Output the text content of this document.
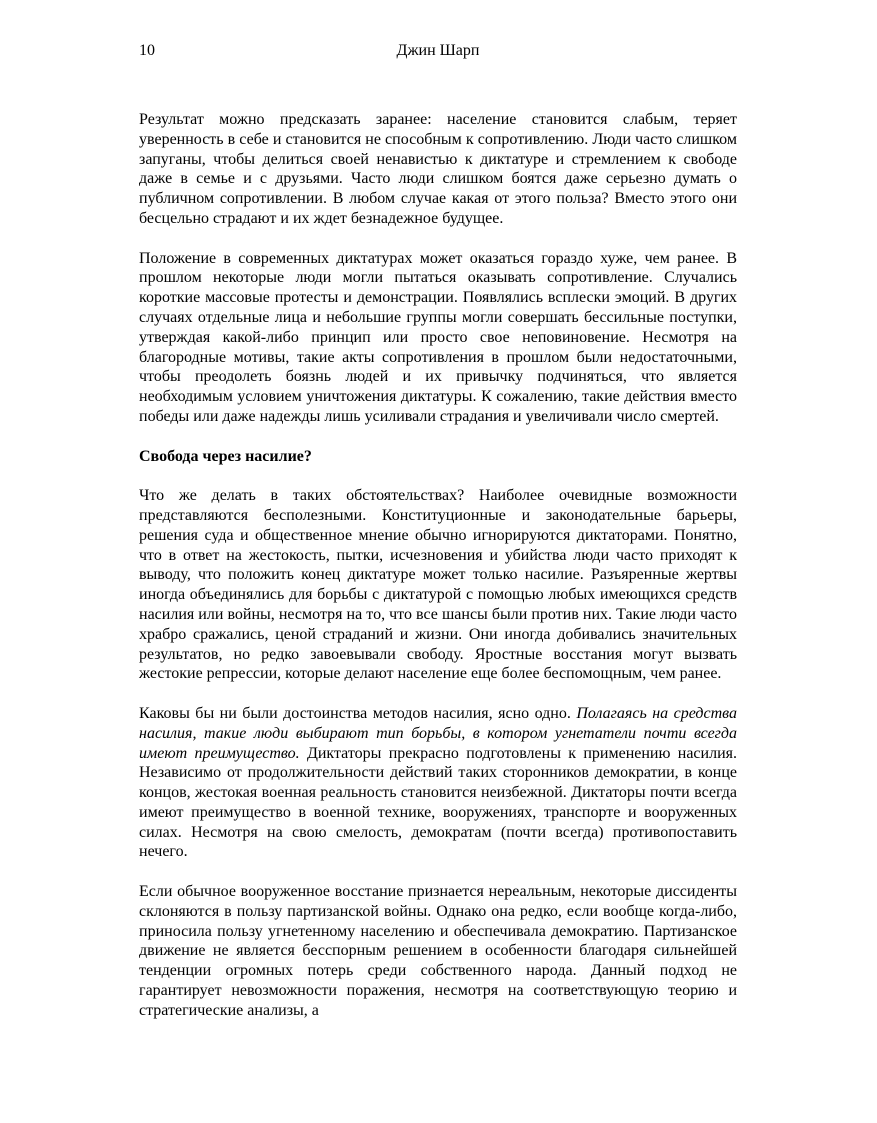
10	Джин Шарп

Результат можно предсказать заранее: население становится слабым, теряет уверенность в себе и становится не способным к сопротивлению. Люди часто слишком запуганы, чтобы делиться своей ненавистью к диктатуре и стремлением к свободе даже в семье и с друзьями. Часто люди слишком боятся даже серьезно думать о публичном сопротивлении. В любом случае какая от этого польза? Вместо этого они бесцельно страдают и их ждет безнадежное будущее.

Положение в современных диктатурах может оказаться гораздо хуже, чем ранее. В прошлом некоторые люди могли пытаться оказывать сопротивление. Случались короткие массовые протесты и демонстрации. Появлялись всплески эмоций. В других случаях отдельные лица и небольшие группы могли совершать бессильные поступки, утверждая какой-либо принцип или просто свое неповиновение. Несмотря на благородные мотивы, такие акты сопротивления в прошлом были недостаточными, чтобы преодолеть боязнь людей и их привычку подчиняться, что является необходимым условием уничтожения диктатуры. К сожалению, такие действия вместо победы или даже надежды лишь усиливали страдания и увеличивали число смертей.

Свобода через насилие?

Что же делать в таких обстоятельствах? Наиболее очевидные возможности представляются бесполезными. Конституционные и законодательные барьеры, решения суда и общественное мнение обычно игнорируются диктаторами. Понятно, что в ответ на жестокость, пытки, исчезновения и убийства люди часто приходят к выводу, что положить конец диктатуре может только насилие. Разъяренные жертвы иногда объединялись для борьбы с диктатурой с помощью любых имеющихся средств насилия или войны, несмотря на то, что все шансы были против них. Такие люди часто храбро сражались, ценой страданий и жизни. Они иногда добивались значительных результатов, но редко завоевывали свободу. Яростные восстания могут вызвать жестокие репрессии, которые делают население еще более беспомощным, чем ранее.

Каковы бы ни были достоинства методов насилия, ясно одно. Полагаясь на средства насилия, такие люди выбирают тип борьбы, в котором угнетатели почти всегда имеют преимущество. Диктаторы прекрасно подготовлены к применению насилия. Независимо от продолжительности действий таких сторонников демократии, в конце концов, жестокая военная реальность становится неизбежной. Диктаторы почти всегда имеют преимущество в военной технике, вооружениях, транспорте и вооруженных силах. Несмотря на свою смелость, демократам (почти всегда) противопоставить нечего.

Если обычное вооруженное восстание признается нереальным, некоторые диссиденты склоняются в пользу партизанской войны. Однако она редко, если вообще когда-либо, приносила пользу угнетенному населению и обеспечивала демократию. Партизанское движение не является бесспорным решением в особенности благодаря сильнейшей тенденции огромных потерь среди собственного народа. Данный подход не гарантирует невозможности поражения, несмотря на соответствующую теорию и стратегические анализы, а
